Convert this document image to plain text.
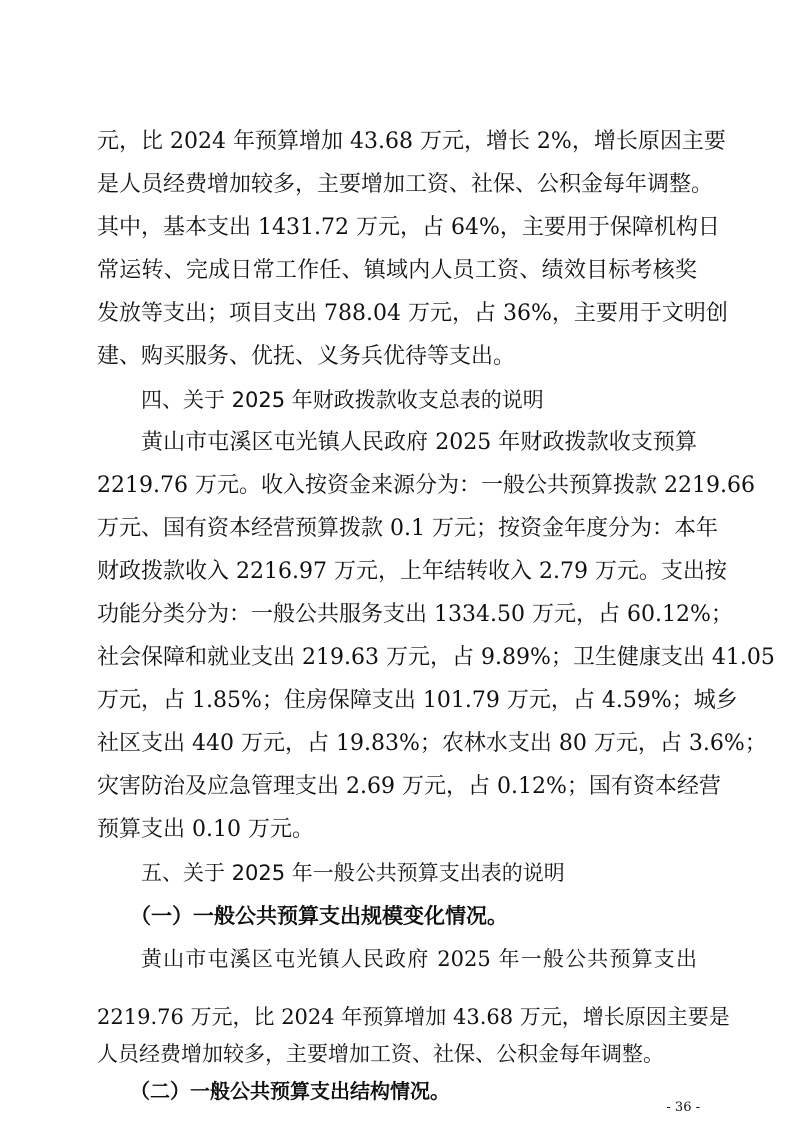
元，比 2024 年预算增加 43.68 万元，增长 2%，增长原因主要
是人员经费增加较多，主要增加工资、社保、公积金每年调整。
其中，基本支出 1431.72 万元，占 64%，主要用于保障机构日
常运转、完成日常工作任、镇域内人员工资、绩效目标考核奖
发放等支出；项目支出 788.04 万元，占 36%，主要用于文明创
建、购买服务、优抚、义务兵优待等支出。
四、关于 2025 年财政拨款收支总表的说明
黄山市屯溪区屯光镇人民政府 2025 年财政拨款收支预算
2219.76 万元。收入按资金来源分为：一般公共预算拨款 2219.66
万元、国有资本经营预算拨款 0.1 万元；按资金年度分为：本年
财政拨款收入 2216.97 万元，上年结转收入 2.79 万元。支出按
功能分类分为：一般公共服务支出 1334.50 万元，占 60.12%；
社会保障和就业支出 219.63 万元，占 9.89%；卫生健康支出 41.05
万元，占 1.85%；住房保障支出 101.79 万元，占 4.59%；城乡
社区支出 440 万元，占 19.83%；农林水支出 80 万元，占 3.6%；
灾害防治及应急管理支出 2.69 万元，占 0.12%；国有资本经营
预算支出 0.10 万元。
五、关于 2025 年一般公共预算支出表的说明
（一）一般公共预算支出规模变化情况。
黄山市屯溪区屯光镇人民政府 2025 年一般公共预算支出
2219.76 万元，比 2024 年预算增加 43.68 万元，增长原因主要是
人员经费增加较多，主要增加工资、社保、公积金每年调整。
（二）一般公共预算支出结构情况。
- 36 -
